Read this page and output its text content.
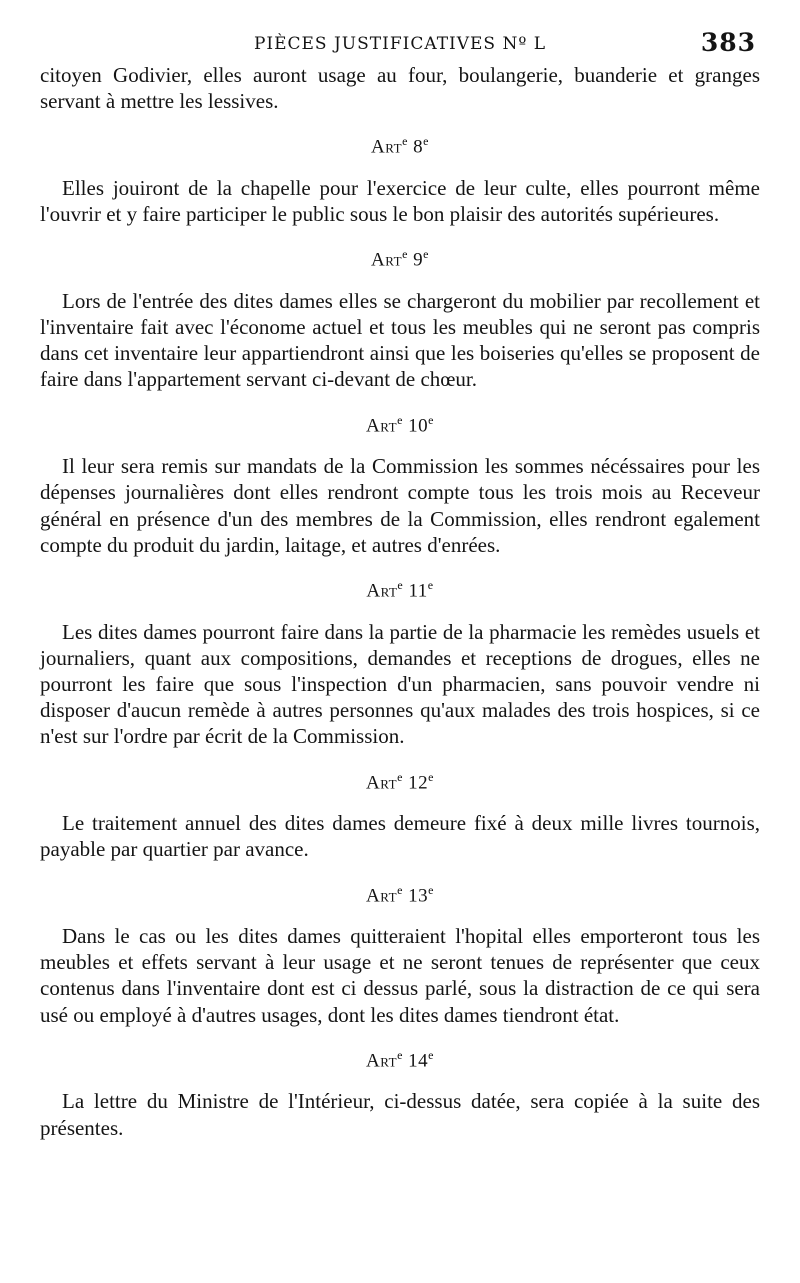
PIÈCES JUSTIFICATIVES Nº L	383

citoyen Godivier, elles auront usage au four, boulangerie, buanderie et granges servant à mettre les lessives.

Art$^e$ 8e

Elles jouiront de la chapelle pour l'exercice de leur culte, elles pourront même l'ouvrir et y faire participer le public sous le bon plaisir des autorités supérieures.

Art$^e$ 9e

Lors de l'entrée des dites dames elles se chargeront du mobilier par recollement et l'inventaire fait avec l'économe actuel et tous les meubles qui ne seront pas compris dans cet inventaire leur appartiendront ainsi que les boiseries qu'elles se proposent de faire dans l'appartement servant ci-devant de chœur.

Art$^e$ 10e

Il leur sera remis sur mandats de la Commission les sommes nécéssaires pour les dépenses journalières dont elles rendront compte tous les trois mois au Receveur général en présence d'un des membres de la Commission, elles rendront egalement compte du produit du jardin, laitage, et autres d'enrées.

Art$^e$ 11e

Les dites dames pourront faire dans la partie de la pharmacie les remèdes usuels et journaliers, quant aux compositions, demandes et receptions de drogues, elles ne pourront les faire que sous l'inspection d'un pharmacien, sans pouvoir vendre ni disposer d'aucun remède à autres personnes qu'aux malades des trois hospices, si ce n'est sur l'ordre par écrit de la Commission.

Art$^e$ 12e

Le traitement annuel des dites dames demeure fixé à deux mille livres tournois, payable par quartier par avance.

Art$^e$ 13e

Dans le cas ou les dites dames quitteraient l'hopital elles emporteront tous les meubles et effets servant à leur usage et ne seront tenues de représenter que ceux contenus dans l'inventaire dont est ci dessus parlé, sous la distraction de ce qui sera usé ou employé à d'autres usages, dont les dites dames tiendront état.

Art$^e$ 14e

La lettre du Ministre de l'Intérieur, ci-dessus datée, sera copiée à la suite des présentes.
